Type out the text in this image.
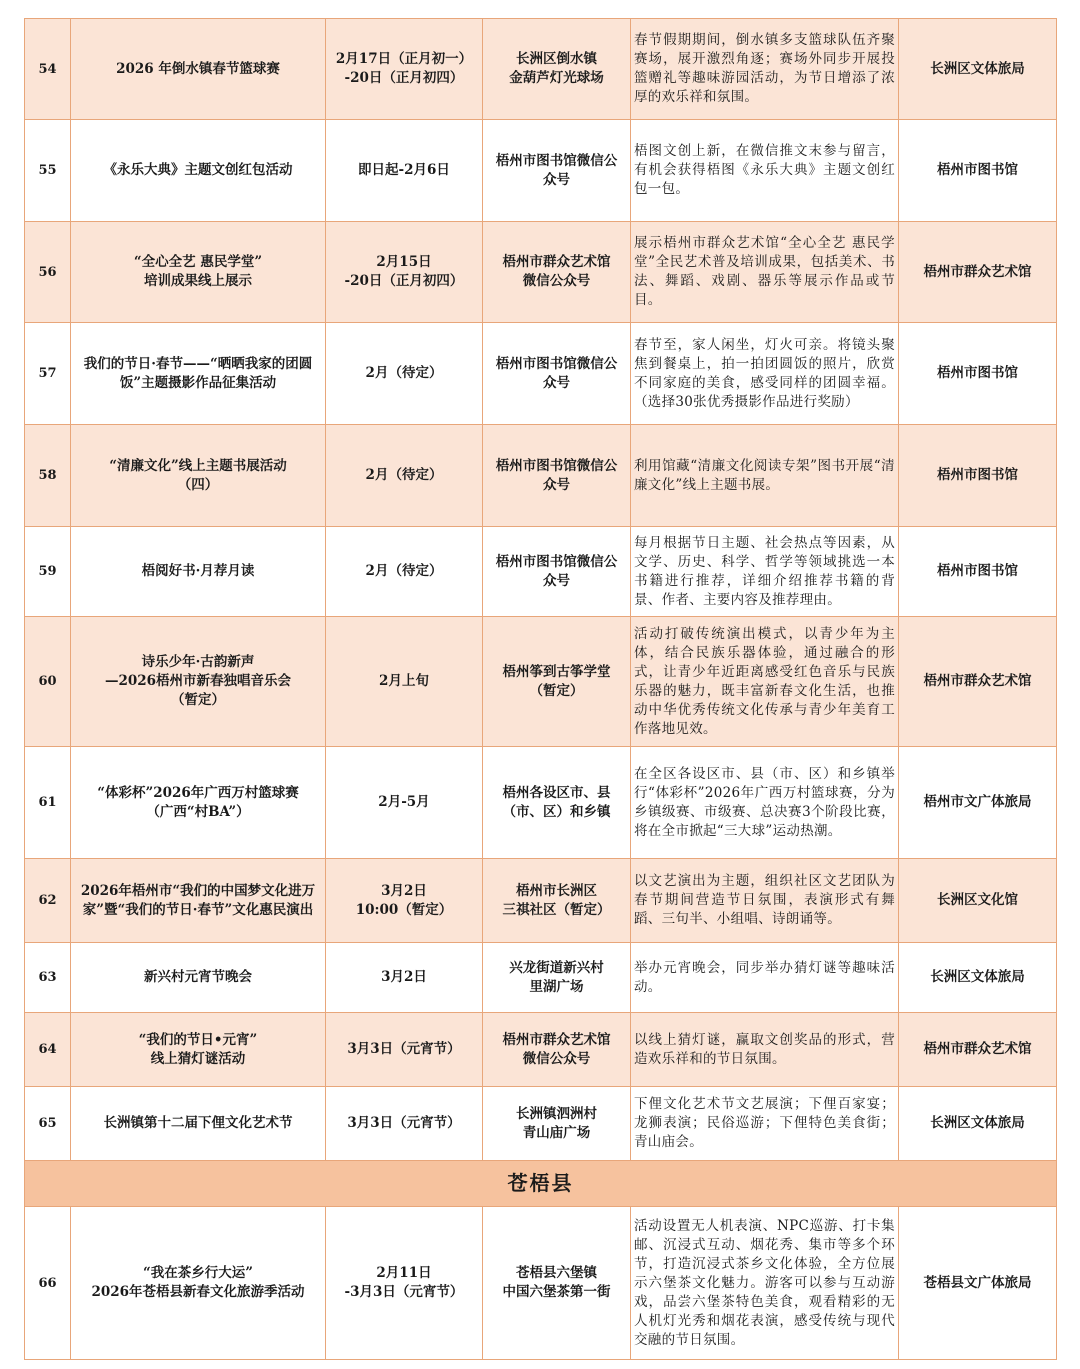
54	2026 年倒水镇春节篮球赛	2月17日（正月初一）
-20日（正月初四）	长洲区倒水镇
金葫芦灯光球场	春节假期期间，倒水镇多支篮球队伍齐聚赛场，展开激烈角逐；赛场外同步开展投篮赠礼等趣味游园活动，为节日增添了浓厚的欢乐祥和氛围。	长洲区文体旅局
55	《永乐大典》主题文创红包活动	即日起-2月6日	梧州市图书馆微信公
众号	梧图文创上新，在微信推文末参与留言，有机会获得梧图《永乐大典》主题文创红包一包。	梧州市图书馆
56	“全心全艺 惠民学堂”
培训成果线上展示	2月15日
-20日（正月初四）	梧州市群众艺术馆
微信公众号	展示梧州市群众艺术馆“全心全艺 惠民学堂”全民艺术普及培训成果，包括美术、书法、舞蹈、戏剧、器乐等展示作品或节目。	梧州市群众艺术馆
57	我们的节日·春节——“晒晒我家的团圆饭”主题摄影作品征集活动	2月（待定）	梧州市图书馆微信公
众号	春节至，家人闲坐，灯火可亲。将镜头聚焦到餐桌上，拍一拍团圆饭的照片，欣赏不同家庭的美食，感受同样的团圆幸福。（选择30张优秀摄影作品进行奖励）	梧州市图书馆
58	“清廉文化”线上主题书展活动
（四）	2月（待定）	梧州市图书馆微信公
众号	利用馆藏“清廉文化阅读专架”图书开展“清廉文化”线上主题书展。	梧州市图书馆
59	梧阅好书·月荐月读	2月（待定）	梧州市图书馆微信公
众号	每月根据节日主题、社会热点等因素，从文学、历史、科学、哲学等领域挑选一本书籍进行推荐，详细介绍推荐书籍的背景、作者、主要内容及推荐理由。	梧州市图书馆
60	诗乐少年·古韵新声
—2026梧州市新春独唱音乐会
（暂定）	2月上旬	梧州筝到古筝学堂
（暂定）	活动打破传统演出模式，以青少年为主体，结合民族乐器体验，通过融合的形式，让青少年近距离感受红色音乐与民族乐器的魅力，既丰富新春文化生活，也推动中华优秀传统文化传承与青少年美育工作落地见效。	梧州市群众艺术馆
61	“体彩杯”2026年广西万村篮球赛
（广西“村BA”）	2月-5月	梧州各设区市、县
（市、区）和乡镇	在全区各设区市、县（市、区）和乡镇举行“体彩杯”2026年广西万村篮球赛，分为乡镇级赛、市级赛、总决赛3个阶段比赛，将在全市掀起“三大球”运动热潮。	梧州市文广体旅局
62	2026年梧州市“我们的中国梦文化进万家”暨“我们的节日·春节”文化惠民演出	3月2日
10:00（暂定）	梧州市长洲区
三祺社区（暂定）	以文艺演出为主题，组织社区文艺团队为春节期间营造节日氛围，表演形式有舞蹈、三句半、小组唱、诗朗诵等。	长洲区文化馆
63	新兴村元宵节晚会	3月2日	兴龙街道新兴村
里湖广场	举办元宵晚会，同步举办猜灯谜等趣味活动。	长洲区文体旅局
64	“我们的节日•元宵”
线上猜灯谜活动	3月3日（元宵节）	梧州市群众艺术馆
微信公众号	以线上猜灯谜，赢取文创奖品的形式，营造欢乐祥和的节日氛围。	梧州市群众艺术馆
65	长洲镇第十二届下俚文化艺术节	3月3日（元宵节）	长洲镇泗洲村
青山庙广场	下俚文化艺术节文艺展演；下俚百家宴；龙狮表演；民俗巡游；下俚特色美食街；青山庙会。	长洲区文体旅局
苍梧县					
66	“我在茶乡行大运”
2026年苍梧县新春文化旅游季活动	2月11日
-3月3日（元宵节）	苍梧县六堡镇
中国六堡茶第一街	活动设置无人机表演、NPC巡游、打卡集邮、沉浸式互动、烟花秀、集市等多个环节，打造沉浸式茶乡文化体验，全方位展示六堡茶文化魅力。游客可以参与互动游戏，品尝六堡茶特色美食，观看精彩的无人机灯光秀和烟花表演，感受传统与现代交融的节日氛围。	苍梧县文广体旅局
